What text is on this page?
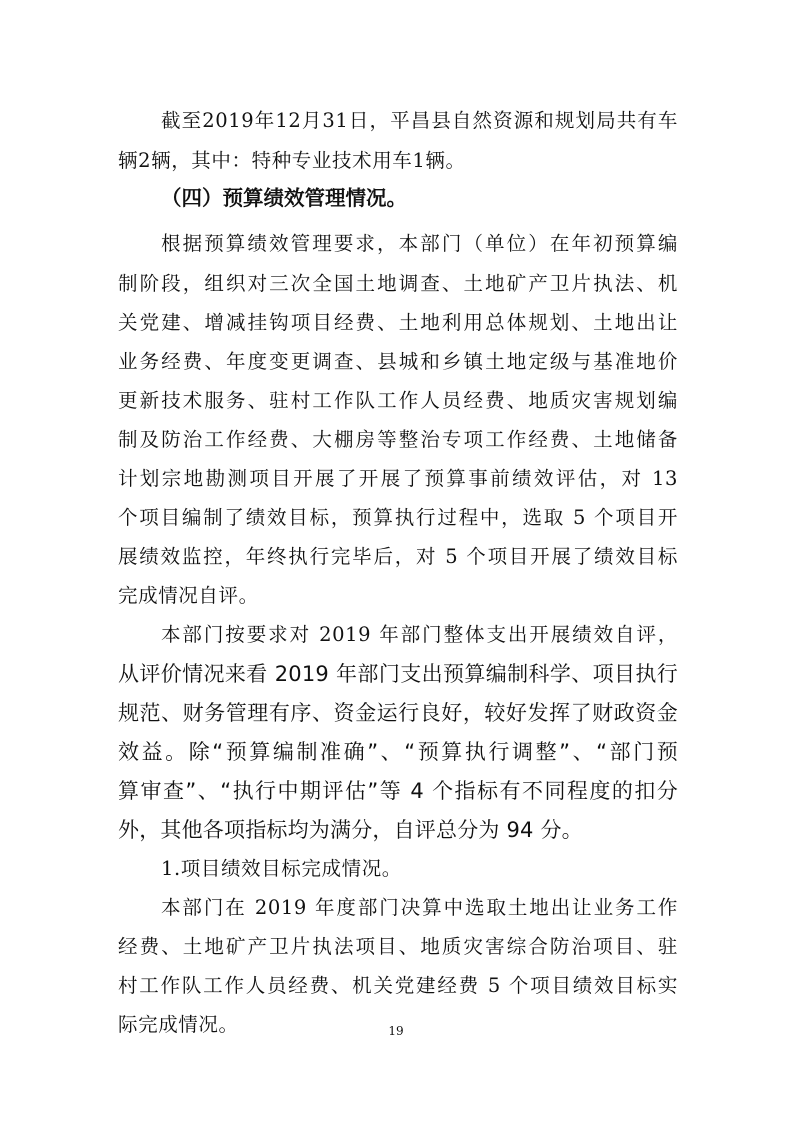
截至2019年12月31日，平昌县自然资源和规划局共有车
辆2辆，其中：特种专业技术用车1辆。
（四）预算绩效管理情况。
根据预算绩效管理要求，本部门（单位）在年初预算编
制阶段，组织对三次全国土地调查、土地矿产卫片执法、机
关党建、增减挂钩项目经费、土地利用总体规划、土地出让
业务经费、年度变更调查、县城和乡镇土地定级与基准地价
更新技术服务、驻村工作队工作人员经费、地质灾害规划编
制及防治工作经费、大棚房等整治专项工作经费、土地储备
计划宗地勘测项目开展了开展了预算事前绩效评估，对 13
个项目编制了绩效目标，预算执行过程中，选取 5 个项目开
展绩效监控，年终执行完毕后，对 5 个项目开展了绩效目标
完成情况自评。
本部门按要求对 2019 年部门整体支出开展绩效自评，
从评价情况来看 2019 年部门支出预算编制科学、项目执行
规范、财务管理有序、资金运行良好，较好发挥了财政资金
效益。除“预算编制准确”、“预算执行调整”、“部门预
算审查”、“执行中期评估”等 4 个指标有不同程度的扣分
外，其他各项指标均为满分，自评总分为 94 分。
1.项目绩效目标完成情况。
本部门在 2019 年度部门决算中选取土地出让业务工作
经费、土地矿产卫片执法项目、地质灾害综合防治项目、驻
村工作队工作人员经费、机关党建经费 5 个项目绩效目标实
际完成情况。	19
